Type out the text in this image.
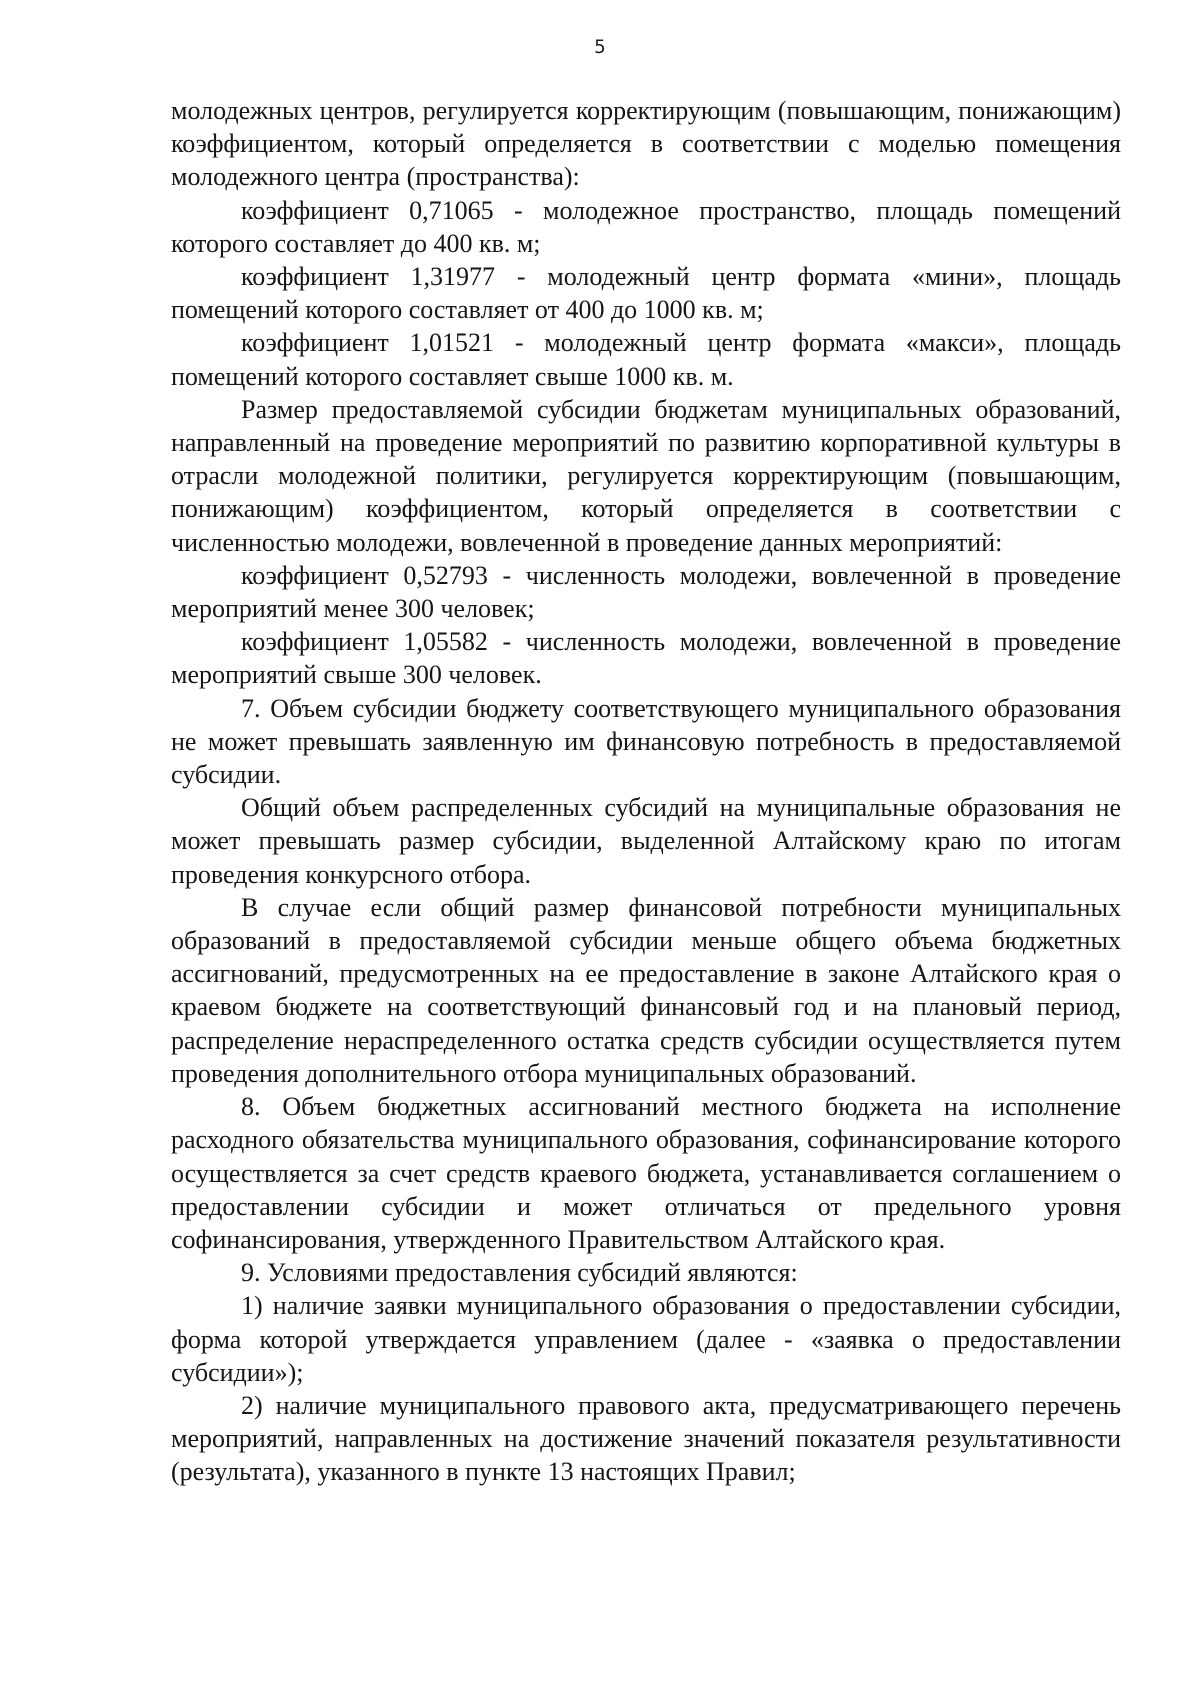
5

молодежных центров, регулируется корректирующим (повышающим, понижающим) коэффициентом, который определяется в соответствии с моделью помещения молодежного центра (пространства):

коэффициент 0,71065 - молодежное пространство, площадь помещений которого составляет до 400 кв. м;

коэффициент 1,31977 - молодежный центр формата «мини», площадь помещений которого составляет от 400 до 1000 кв. м;

коэффициент 1,01521 - молодежный центр формата «макси», площадь помещений которого составляет свыше 1000 кв. м.

Размер предоставляемой субсидии бюджетам муниципальных образований, направленный на проведение мероприятий по развитию корпоративной культуры в отрасли молодежной политики, регулируется корректирующим (повышающим, понижающим) коэффициентом, который определяется в соответствии с численностью молодежи, вовлеченной в проведение данных мероприятий:

коэффициент 0,52793 - численность молодежи, вовлеченной в проведение мероприятий менее 300 человек;

коэффициент 1,05582 - численность молодежи, вовлеченной в проведение мероприятий свыше 300 человек.

7. Объем субсидии бюджету соответствующего муниципального образования не может превышать заявленную им финансовую потребность в предоставляемой субсидии.

Общий объем распределенных субсидий на муниципальные образования не может превышать размер субсидии, выделенной Алтайскому краю по итогам проведения конкурсного отбора.

В случае если общий размер финансовой потребности муниципальных образований в предоставляемой субсидии меньше общего объема бюджетных ассигнований, предусмотренных на ее предоставление в законе Алтайского края о краевом бюджете на соответствующий финансовый год и на плановый период, распределение нераспределенного остатка средств субсидии осуществляется путем проведения дополнительного отбора муниципальных образований.

8. Объем бюджетных ассигнований местного бюджета на исполнение расходного обязательства муниципального образования, софинансирование которого осуществляется за счет средств краевого бюджета, устанавливается соглашением о предоставлении субсидии и может отличаться от предельного уровня софинансирования, утвержденного Правительством Алтайского края.

9. Условиями предоставления субсидий являются:

1) наличие заявки муниципального образования о предоставлении субсидии, форма которой утверждается управлением (далее - «заявка о предоставлении субсидии»);

2) наличие муниципального правового акта, предусматривающего перечень мероприятий, направленных на достижение значений показателя результативности (результата), указанного в пункте 13 настоящих Правил;
